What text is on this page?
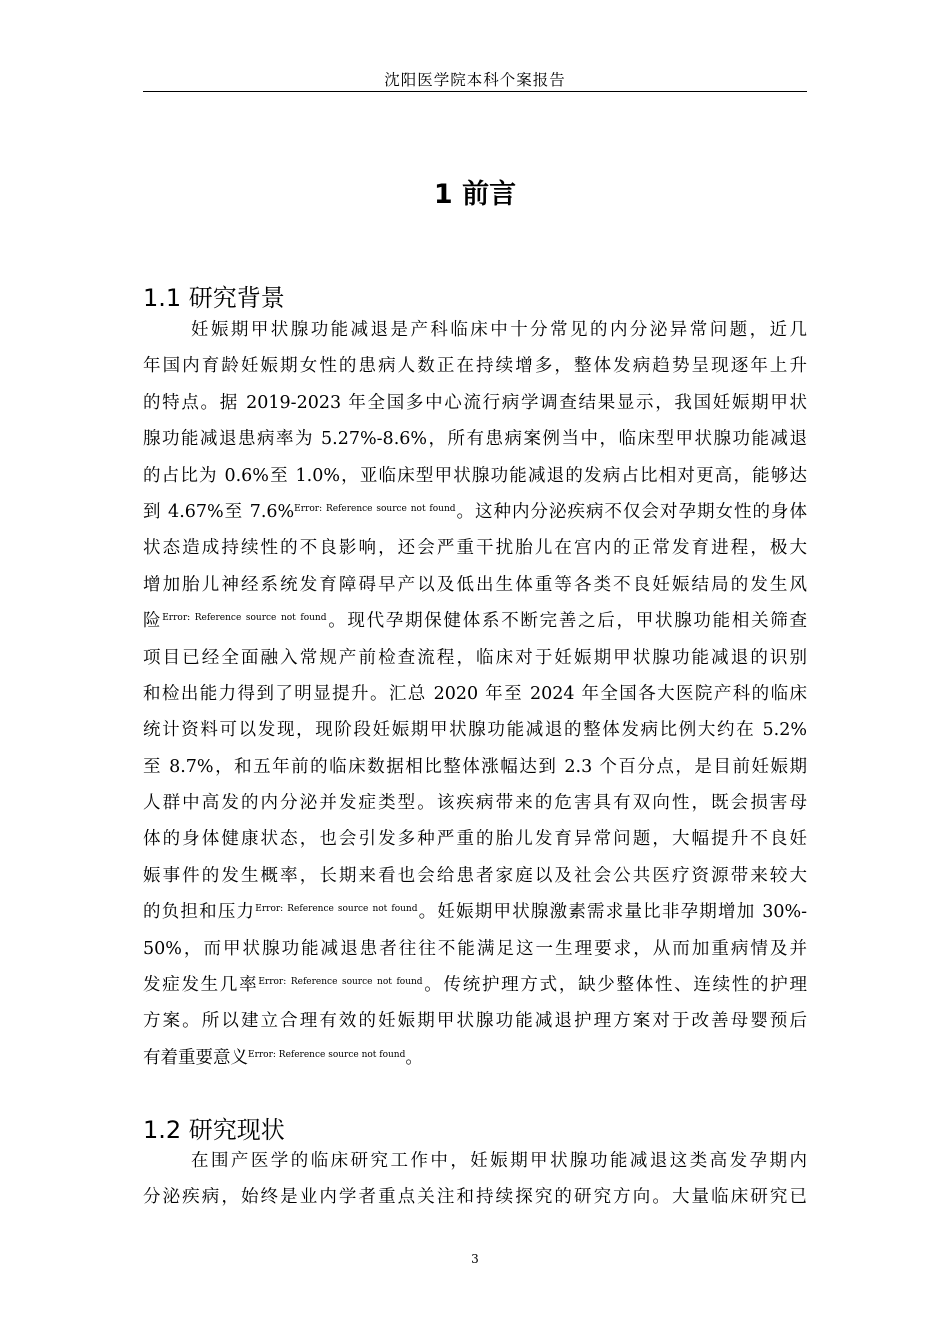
沈阳医学院本科个案报告
1 前言
1.1 研究背景
妊娠期甲状腺功能减退是产科临床中十分常见的内分泌异常问题，近几
年国内育龄妊娠期女性的患病人数正在持续增多，整体发病趋势呈现逐年上升
的特点。据 2019-2023 年全国多中心流行病学调查结果显示，我国妊娠期甲状
腺功能减退患病率为 5.27%-8.6%，所有患病案例当中，临床型甲状腺功能减退
的占比为 0.6%至 1.0%，亚临床型甲状腺功能减退的发病占比相对更高，能够达
到 4.67%至 7.6%$^{Error: Reference source not found}$。这种内分泌疾病不仅会对孕期女性的身体
状态造成持续性的不良影响，还会严重干扰胎儿在宫内的正常发育进程，极大
增加胎儿神经系统发育障碍早产以及低出生体重等各类不良妊娠结局的发生风
险$^{Error: Reference source not found}$。现代孕期保健体系不断完善之后，甲状腺功能相关筛查
项目已经全面融入常规产前检查流程，临床对于妊娠期甲状腺功能减退的识别
和检出能力得到了明显提升。汇总 2020 年至 2024 年全国各大医院产科的临床
统计资料可以发现，现阶段妊娠期甲状腺功能减退的整体发病比例大约在 5.2%
至 8.7%，和五年前的临床数据相比整体涨幅达到 2.3 个百分点，是目前妊娠期
人群中高发的内分泌并发症类型。该疾病带来的危害具有双向性，既会损害母
体的身体健康状态，也会引发多种严重的胎儿发育异常问题，大幅提升不良妊
娠事件的发生概率，长期来看也会给患者家庭以及社会公共医疗资源带来较大
的负担和压力$^{Error: Reference source not found}$。妊娠期甲状腺激素需求量比非孕期增加 30%-
50%，而甲状腺功能减退患者往往不能满足这一生理要求，从而加重病情及并
发症发生几率$^{Error: Reference source not found}$。传统护理方式，缺少整体性、连续性的护理
方案。所以建立合理有效的妊娠期甲状腺功能减退护理方案对于改善母婴预后
有着重要意义$^{Error: Reference source not found}$。
1.2 研究现状
在围产医学的临床研究工作中，妊娠期甲状腺功能减退这类高发孕期内
分泌疾病，始终是业内学者重点关注和持续探究的研究方向。大量临床研究已
3
